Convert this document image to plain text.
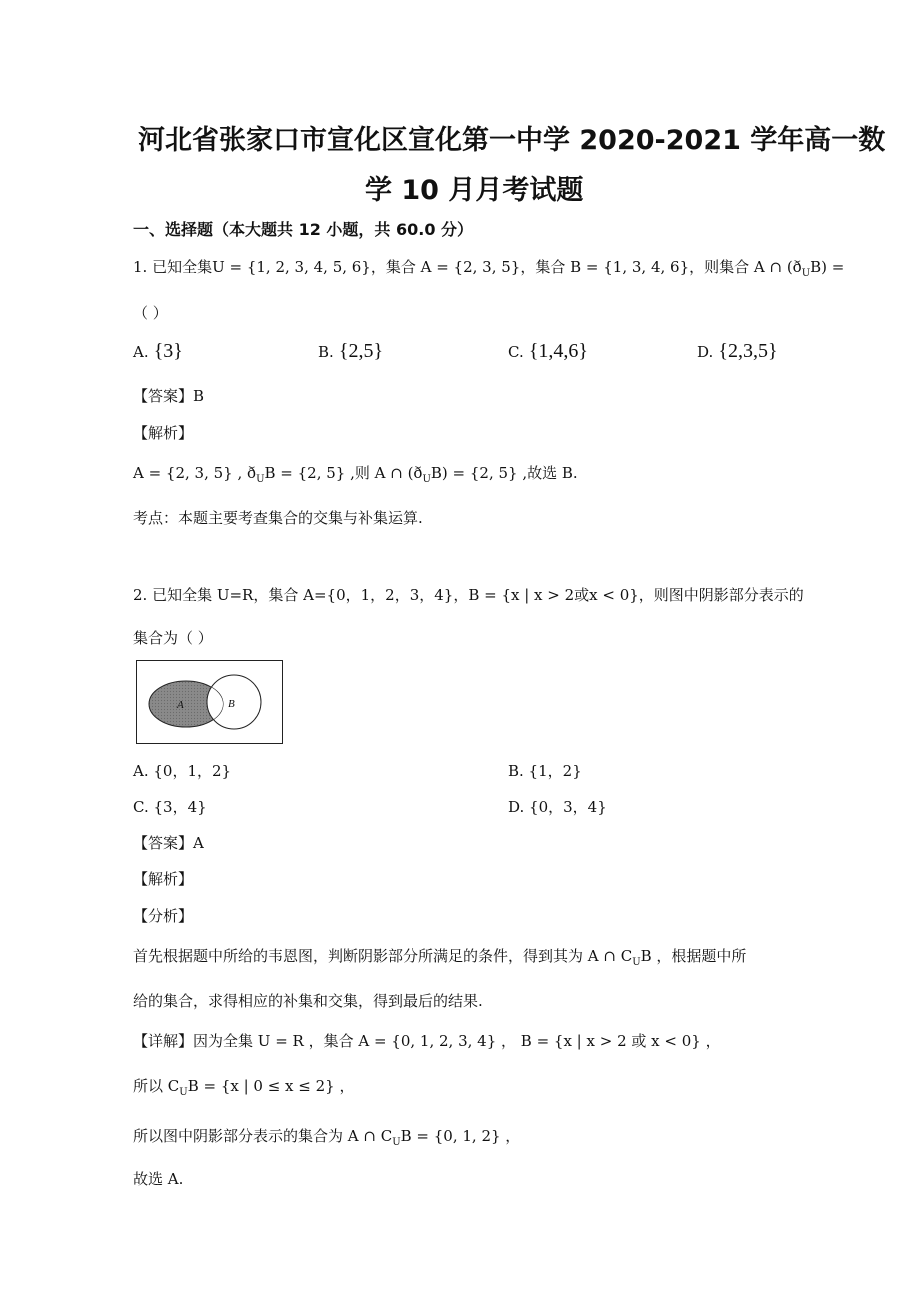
河北省张家口市宣化区宣化第一中学 2020-2021 学年高一数
学 10 月月考试题
一、选择题（本大题共 12 小题，共 60.0 分）
1. 已知全集U = {1, 2, 3, 4, 5, 6}，集合 A = {2, 3, 5}，集合 B = {1, 3, 4, 6}，则集合 A ∩ $(ð_UB)$ =
（ ）
A. {3}	B. {2,5}	C. {1,4,6}	D. {2,3,5}
【答案】B
【解析】
A = {2, 3, 5} , $ð_UB = \{2$, 5} ,则 A ∩ $(ð_UB) = \{2$, 5} ,故选 B.
考点：本题主要考查集合的交集与补集运算.
2. 已知全集 U=R，集合 A={0，1，2，3，4}，B = {x | x > 2或x < 0}，则图中阴影部分表示的
集合为（ ）
A	B
A. {0，1，2}	B. {1，2}
C. {3，4}	D. {0，3，4}
【答案】A
【解析】
【分析】
首先根据题中所给的韦恩图，判断阴影部分所满足的条件，得到其为 A ∩ $C_UB$ ，根据题中所
给的集合，求得相应的补集和交集，得到最后的结果.
【详解】因为全集 U = R ，集合 A = {0, 1, 2, 3, 4} ， B = {x | x > 2 或 x < 0} ，
所以 $C_UB = \{x$ | 0 ≤ x ≤ 2} ，
所以图中阴影部分表示的集合为 A ∩ $C_UB = \{0$, 1, 2} ，
故选 A.
